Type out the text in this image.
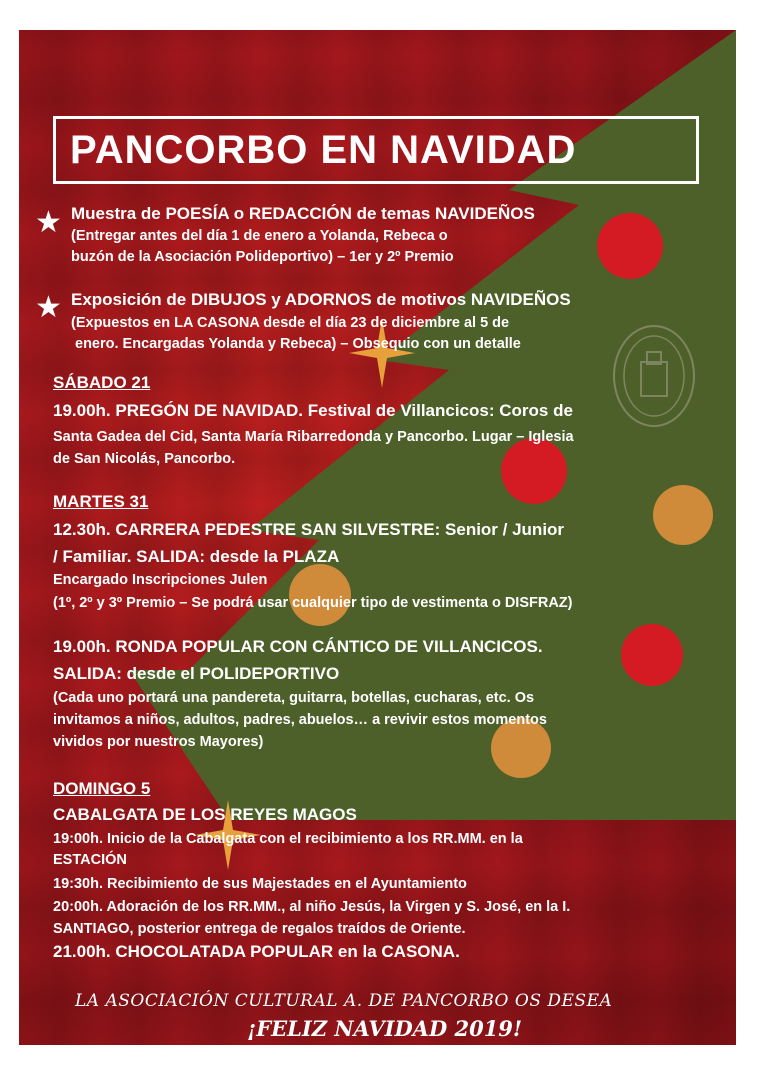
PANCORBO EN NAVIDAD
★ Muestra de POESÍA o REDACCIÓN de temas NAVIDEÑOS
(Entregar antes del día 1 de enero a Yolanda, Rebeca o
buzón de la Asociación Polideportivo) – 1er y 2º Premio
★ Exposición de DIBUJOS y ADORNOS de motivos NAVIDEÑOS
(Expuestos en LA CASONA desde el día 23 de diciembre al 5 de
enero. Encargadas Yolanda y Rebeca) – Obsequio con un detalle
SÁBADO 21
19.00h. PREGÓN DE NAVIDAD. Festival de Villancicos: Coros de
Santa Gadea del Cid, Santa María Ribarredonda y Pancorbo. Lugar – Iglesia
de San Nicolás, Pancorbo.
MARTES 31
12.30h. CARRERA PEDESTRE SAN SILVESTRE: Senior / Junior
/ Familiar. SALIDA: desde la PLAZA
Encargado Inscripciones Julen
(1º, 2º y 3º Premio – Se podrá usar cualquier tipo de vestimenta o DISFRAZ)
19.00h. RONDA POPULAR CON CÁNTICO DE VILLANCICOS.
SALIDA: desde el POLIDEPORTIVO
(Cada uno portará una pandereta, guitarra, botellas, cucharas, etc. Os
invitamos a niños, adultos, padres, abuelos… a revivir estos momentos
vividos por nuestros Mayores)
DOMINGO 5
CABALGATA DE LOS REYES MAGOS
19:00h. Inicio de la Cabalgata con el recibimiento a los RR.MM. en la
ESTACIÓN
19:30h. Recibimiento de sus Majestades en el Ayuntamiento
20:00h. Adoración de los RR.MM., al niño Jesús, la Virgen y S. José, en la I.
SANTIAGO, posterior entrega de regalos traídos de Oriente.
21.00h. CHOCOLATADA POPULAR en la CASONA.
LA ASOCIACIÓN CULTURAL A. DE PANCORBO OS DESEA
¡FELIZ NAVIDAD 2019!
